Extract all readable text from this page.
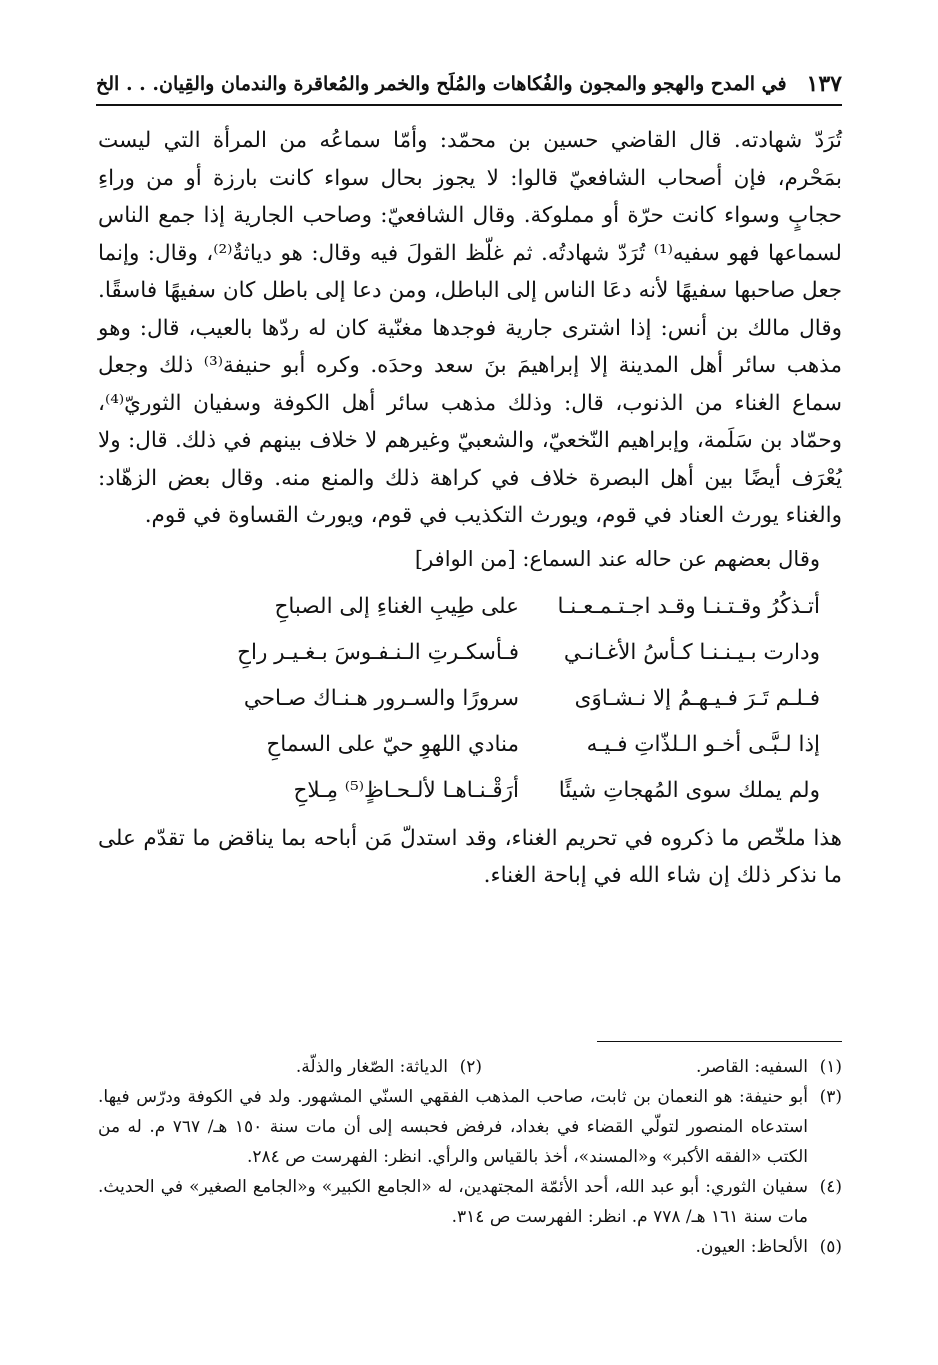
في المدح والهجو والمجون والفُكاهات والمُلَح والخمر والمُعاقرة والندمان والقِيان. . . الخ ١٣٧

تُرَدّ شهادته. قال القاضي حسين بن محمّد: وأمّا سماعُه من المرأة التي ليست بمَحْرم، فإن أصحاب الشافعيّ قالوا: لا يجوز بحال سواء كانت بارزة أو من وراءِ حجابٍ وسواء كانت حرّة أو مملوكة. وقال الشافعيّ: وصاحب الجارية إذا جمع الناس لسماعها فهو سفيه⁽¹⁾ تُرَدّ شهادتُه. ثم غلّظ القولَ فيه وقال: هو دياثةٌ⁽²⁾، وقال: وإنما جعل صاحبها سفيهًا لأنه دعَا الناس إلى الباطل، ومن دعا إلى باطل كان سفيهًا فاسقًا. وقال مالك بن أنس: إذا اشترى جارية فوجدها مغنّية كان له ردّها بالعيب، قال: وهو مذهب سائر أهل المدينة إلا إبراهيمَ بنَ سعد وحدَه. وكره أبو حنيفة⁽³⁾ ذلك وجعل سماع الغناء من الذنوب، قال: وذلك مذهب سائر أهل الكوفة وسفيان الثوريّ⁽⁴⁾، وحمّاد بن سَلَمة، وإبراهيم النّخعيّ، والشعبيّ وغيرهم لا خلاف بينهم في ذلك. قال: ولا يُعْرَف أيضًا بين أهل البصرة خلاف في كراهة ذلك والمنع منه. وقال بعض الزهّاد: والغناء يورث العناد في قوم، ويورث التكذيب في قوم، ويورث القساوة في قوم.

وقال بعضهم عن حاله عند السماع: [من الوافر]

أتـذكُرُ وقـتـنـا وقـد اجـتـمـعـنـا
على طِيبِ الغناءِ إلى الصباحِ
ودارت بـيـنـنـا كـأسُ الأغـانـي
فـأسكـرتِ الـنـفـوسَ بـغـيـر راحِ
فـلـم تَـرَ فـيـهـمُ إلا نـشـاوَى
سرورًا والسـرور هـنـاك صـاحي
إذا لـبَّـى أخـو الـلذّاتِ فـيـه
منادي اللهوِ حيّ على السماحِ
ولم يملك سوى المُهجاتِ شيئًا
أرَقْـنـاهـا لألـحـاظٍ⁽⁵⁾ مِـلاحِ

هذا ملخّص ما ذكروه في تحريم الغناء، وقد استدلّ مَن أباحه بما يناقض ما تقدّم على ما نذكر ذلك إن شاء الله في إباحة الغناء.

(١)
السفيه: القاصر.
(٢)
الدياثة: الصّغار والذلّة.
(٣)
أبو حنيفة: هو النعمان بن ثابت، صاحب المذهب الفقهي السنّي المشهور. ولد في الكوفة ودرّس فيها. استدعاه المنصور لتولّي القضاء في بغداد، فرفض فحبسه إلى أن مات سنة ١٥٠ هـ/ ٧٦٧ م. له من الكتب «الفقه الأكبر» و«المسند»، أخذ بالقياس والرأي. انظر: الفهرست ص ٢٨٤.
(٤)
سفيان الثوري: أبو عبد الله، أحد الأئمّة المجتهدين، له «الجامع الكبير» و«الجامع الصغير» في الحديث. مات سنة ١٦١ هـ/ ٧٧٨ م. انظر: الفهرست ص ٣١٤.
(٥)
الألحاظ: العيون.
